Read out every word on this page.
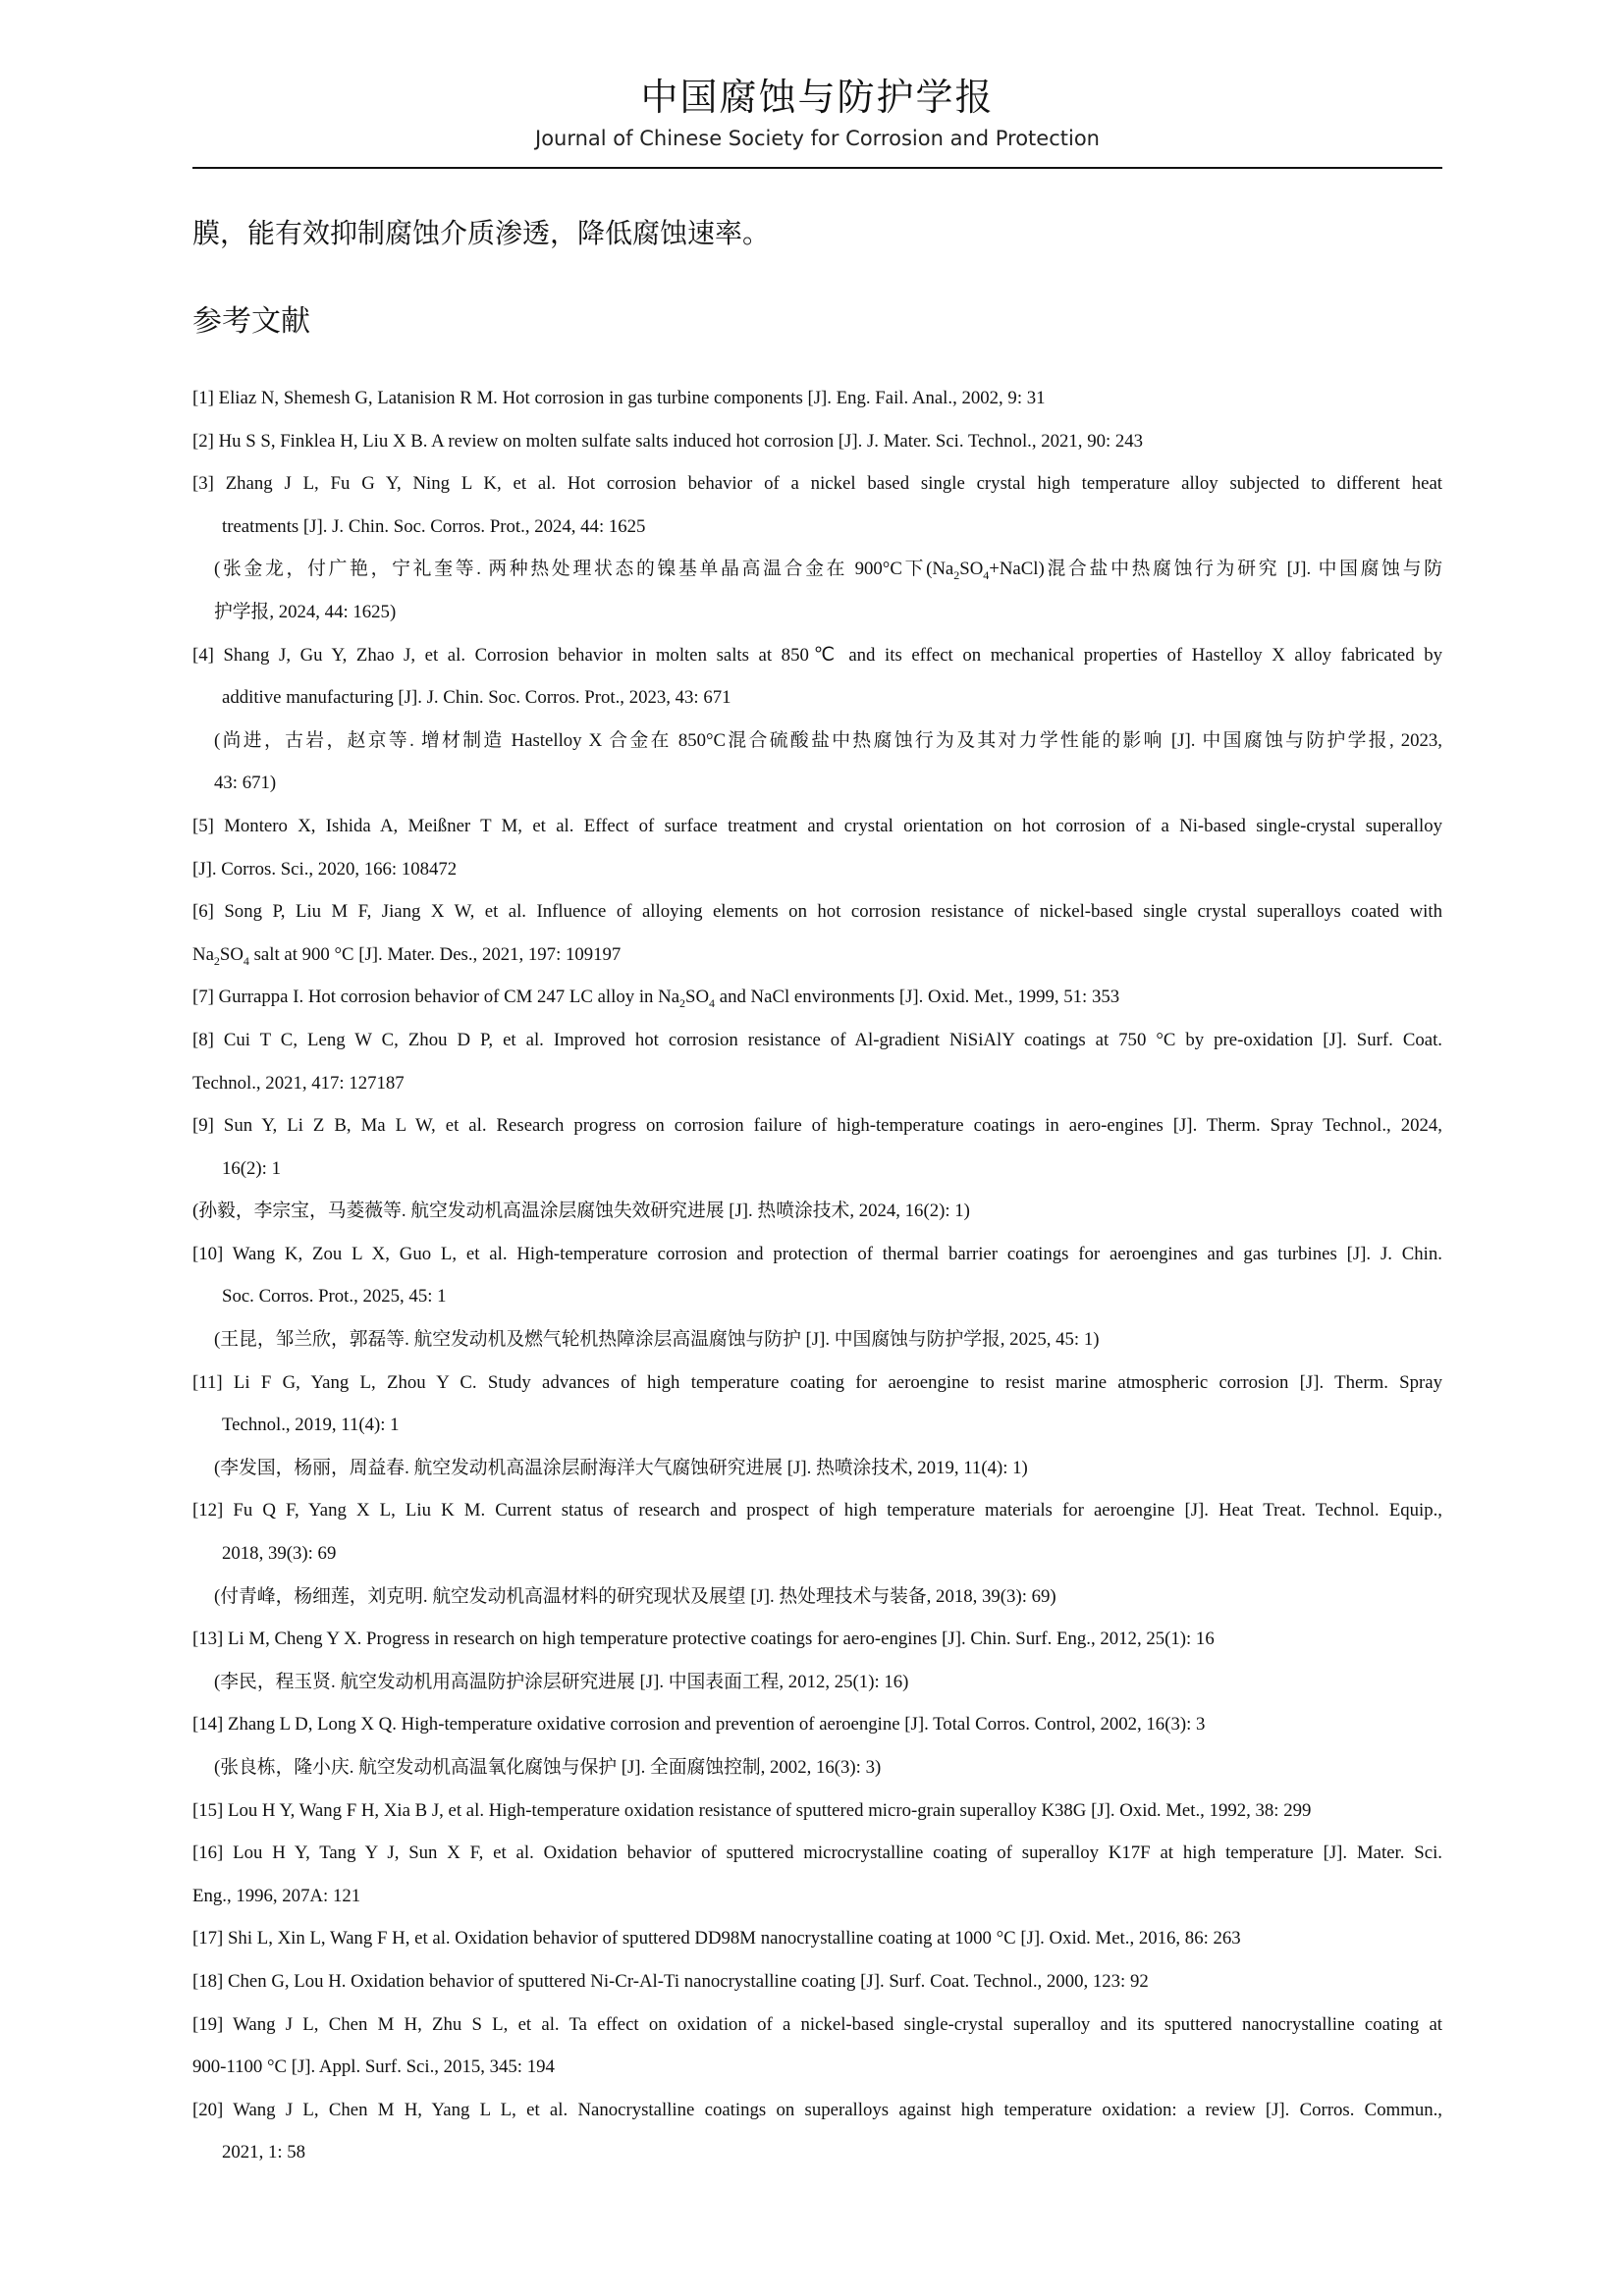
中国腐蚀与防护学报
Journal of Chinese Society for Corrosion and Protection
膜，能有效抑制腐蚀介质渗透，降低腐蚀速率。
参考文献
[1] Eliaz N, Shemesh G, Latanision R M. Hot corrosion in gas turbine components [J]. Eng. Fail. Anal., 2002, 9: 31
[2] Hu S S, Finklea H, Liu X B. A review on molten sulfate salts induced hot corrosion [J]. J. Mater. Sci. Technol., 2021, 90: 243
[3] Zhang J L, Fu G Y, Ning L K, et al. Hot corrosion behavior of a nickel based single crystal high temperature alloy subjected to different heat
treatments [J]. J. Chin. Soc. Corros. Prot., 2024, 44: 1625
(张金龙，付广艳，宁礼奎等. 两种热处理状态的镍基单晶高温合金在 900°C下$(Na_2SO_4+NaCl)$混合盐中热腐蚀行为研究 [J]. 中国腐蚀与防
护学报, 2024, 44: 1625)
[4] Shang J, Gu Y, Zhao J, et al. Corrosion behavior in molten salts at 850℃ and its effect on mechanical properties of Hastelloy X alloy fabricated by
additive manufacturing [J]. J. Chin. Soc. Corros. Prot., 2023, 43: 671
(尚进，古岩，赵京等. 增材制造 Hastelloy X 合金在 850°C混合硫酸盐中热腐蚀行为及其对力学性能的影响 [J]. 中国腐蚀与防护学报, 2023,
43: 671)
[5] Montero X, Ishida A, Meißner T M, et al. Effect of surface treatment and crystal orientation on hot corrosion of a Ni-based single-crystal superalloy
[J]. Corros. Sci., 2020, 166: 108472
[6] Song P, Liu M F, Jiang X W, et al. Influence of alloying elements on hot corrosion resistance of nickel-based single crystal superalloys coated with
$Na_2SO_4$ salt at 900 °C [J]. Mater. Des., 2021, 197: 109197
[7] Gurrappa I. Hot corrosion behavior of CM 247 LC alloy in $Na_2SO_4$ and NaCl environments [J]. Oxid. Met., 1999, 51: 353
[8] Cui T C, Leng W C, Zhou D P, et al. Improved hot corrosion resistance of Al-gradient NiSiAlY coatings at 750 °C by pre-oxidation [J]. Surf. Coat.
Technol., 2021, 417: 127187
[9] Sun Y, Li Z B, Ma L W, et al. Research progress on corrosion failure of high-temperature coatings in aero-engines [J]. Therm. Spray Technol., 2024,
16(2): 1
(孙毅，李宗宝，马菱薇等. 航空发动机高温涂层腐蚀失效研究进展 [J]. 热喷涂技术, 2024, 16(2): 1)
[10] Wang K, Zou L X, Guo L, et al. High-temperature corrosion and protection of thermal barrier coatings for aeroengines and gas turbines [J]. J. Chin.
Soc. Corros. Prot., 2025, 45: 1
(王昆，邹兰欣，郭磊等. 航空发动机及燃气轮机热障涂层高温腐蚀与防护 [J]. 中国腐蚀与防护学报, 2025, 45: 1)
[11] Li F G, Yang L, Zhou Y C. Study advances of high temperature coating for aeroengine to resist marine atmospheric corrosion [J]. Therm. Spray
Technol., 2019, 11(4): 1
(李发国，杨丽，周益春. 航空发动机高温涂层耐海洋大气腐蚀研究进展 [J]. 热喷涂技术, 2019, 11(4): 1)
[12] Fu Q F, Yang X L, Liu K M. Current status of research and prospect of high temperature materials for aeroengine [J]. Heat Treat. Technol. Equip.,
2018, 39(3): 69
(付青峰，杨细莲，刘克明. 航空发动机高温材料的研究现状及展望 [J]. 热处理技术与装备, 2018, 39(3): 69)
[13] Li M, Cheng Y X. Progress in research on high temperature protective coatings for aero-engines [J]. Chin. Surf. Eng., 2012, 25(1): 16
(李民，程玉贤. 航空发动机用高温防护涂层研究进展 [J]. 中国表面工程, 2012, 25(1): 16)
[14] Zhang L D, Long X Q. High-temperature oxidative corrosion and prevention of aeroengine [J]. Total Corros. Control, 2002, 16(3): 3
(张良栋，隆小庆. 航空发动机高温氧化腐蚀与保护 [J]. 全面腐蚀控制, 2002, 16(3): 3)
[15] Lou H Y, Wang F H, Xia B J, et al. High-temperature oxidation resistance of sputtered micro-grain superalloy K38G [J]. Oxid. Met., 1992, 38: 299
[16] Lou H Y, Tang Y J, Sun X F, et al. Oxidation behavior of sputtered microcrystalline coating of superalloy K17F at high temperature [J]. Mater. Sci.
Eng., 1996, 207A: 121
[17] Shi L, Xin L, Wang F H, et al. Oxidation behavior of sputtered DD98M nanocrystalline coating at 1000 °C [J]. Oxid. Met., 2016, 86: 263
[18] Chen G, Lou H. Oxidation behavior of sputtered Ni-Cr-Al-Ti nanocrystalline coating [J]. Surf. Coat. Technol., 2000, 123: 92
[19] Wang J L, Chen M H, Zhu S L, et al. Ta effect on oxidation of a nickel-based single-crystal superalloy and its sputtered nanocrystalline coating at
900-1100 °C [J]. Appl. Surf. Sci., 2015, 345: 194
[20] Wang J L, Chen M H, Yang L L, et al. Nanocrystalline coatings on superalloys against high temperature oxidation: a review [J]. Corros. Commun.,
2021, 1: 58
